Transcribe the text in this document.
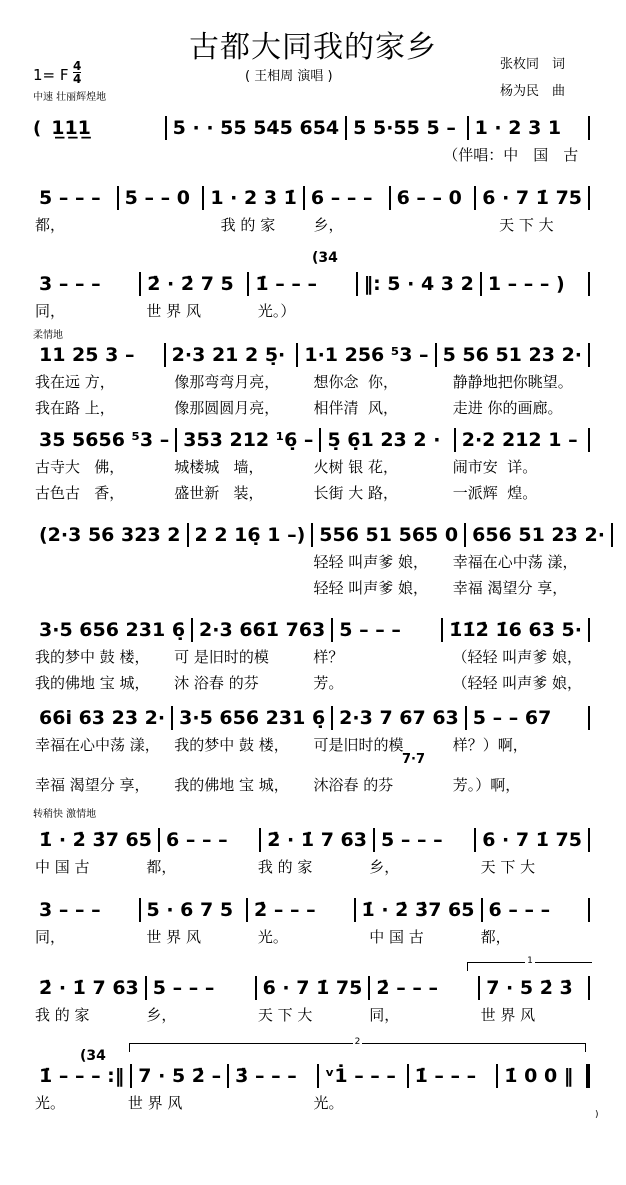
古都大同我的家乡
1= F 4
4
中速 壮丽辉煌地
( 王相周 演唱 )
张枚同　词
杨为民　曲
柔情地
转稍快 激情地
(34
(34
7·7
1
2
)
( 1̲1̲1̲	5 · · 55 545 654 5 5·55 5 – 1 · 2 3 1
（伴唱：中　国　古
5 – – –	5 – – 0	1 · 2 3 1̇ 6 – – –	6 – – 0	6 · 7 1̇ 75
都，	我 的 家	乡，	天 下 大
3 – – –	2̇ · 2̇ 7 5	1̇ – – –	‖: 5 · 4 3 2 1 – – – )
同，	世 界 风	光。）
11 25 3 –	2·3 21 2 5̣·	1·1 256 ⁵3 – 5 56 51 23 2·
我在远 方，	像那弯弯月亮，	想你念  你，	静静地把你眺望。
我在路 上，	像那圆圆月亮，	相伴清  风，	走进 你的画廊。
35 5656 ⁵3 – 353 212 ¹6̣ – 5̣ 6̣1 23 2 ·	2·2 212 1 –
古寺大   佛，	城楼城   墙，	火树 银 花，	闹市安  详。
古色古   香，	盛世新   装，	长街 大 路，	一派辉  煌。
(2·3 56 323 2 2 2 16̣ 1 –) 556 51 565 0 656 51 23 2·
轻轻 叫声爹 娘，	幸福在心中荡 漾，
轻轻 叫声爹 娘，	幸福 渴望分 享，
3·5 656 231 6̣ 2·3 661̇ 763 5 – – –	1̇1̇2̇ 1̇6 63 5·
我的梦中 鼓 楼，	可 是旧时的模	样？	（轻轻 叫声爹 娘，
我的佛地 宝 城，	沐 浴春 的芬	芳。	（轻轻 叫声爹 娘，
66i 63 23 2· 3·5 656 231 6̣ 2·3 7 67 63 5 – – 67
幸福在心中荡 漾， 我的梦中 鼓 楼，	可是旧时的模	样？）啊，
幸福 渴望分 享，	我的佛地 宝 城，	沐浴春 的芬	芳。）啊，
1̇ · 2̇ 3̇7 65 6 – – –	2̇ · 1̇ 7 63 5 – – –	6 · 7 1̇ 75
中 国 古	都，	我 的 家	乡，	天 下 大
3 – – –	5 · 6 7 5	2̇ – – –	1̇ · 2̇ 3̇7 65 6 – – –
同，	世 界 风	光。	中 国 古	都，
2̇ · 1̇ 7 63 5 – – –	6 · 7 1̇ 75 2̇ – – –	7 · 5 2̇ 3̇
我 的 家	乡，	天 下 大	同，	世 界 风
1̇ – – – :‖ 7 · 5 2̇ – 3̇ – – –	ᵛ1̇ – – – 1̇ – – –	1̇ 0 0 ‖
光。	世 界 风	光。
